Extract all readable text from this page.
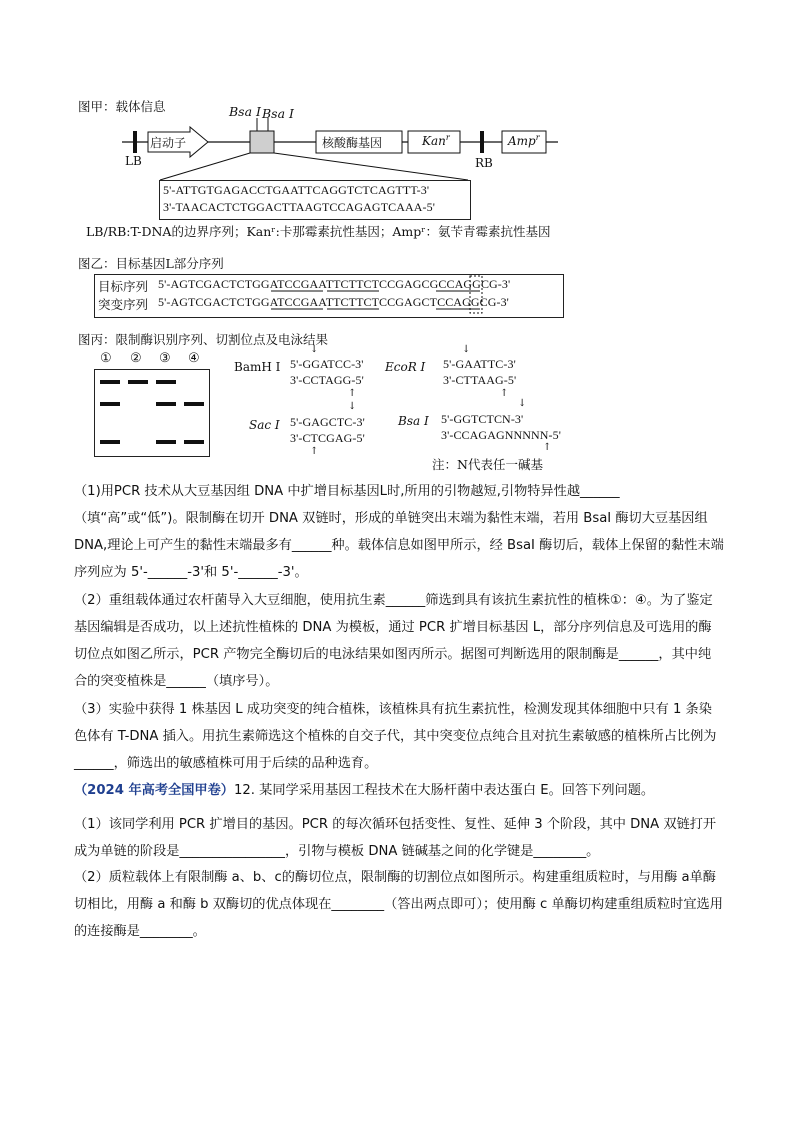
图甲：载体信息	Bsa Ⅰ Bsa Ⅰ
启动子	核酸酶基因	Kan$^r$	Amp$^r$
LB	RB
5'-ATTGTGAGACCTGAATTCAGGTCTCAGTTT-3'
3'-TAACACTCTGGACTTAAGTCCAGAGTCAAA-5'
LB/RB:T-DNA的边界序列；Kanʳ:卡那霉素抗性基因；Ampʳ：氨苄青霉素抗性基因
图乙：目标基因L部分序列
目标序列 5'-AGTCGACTCTGGATCCGAATTCTTCTCCGAGCGCCAGGCG-3'
突变序列 5'-AGTCGACTCTGGATCCGAATTCTTCTCCGAGCTCCAGGCG-3'
图丙：限制酶识别序列、切割位点及电泳结果
① ② ③ ④
BamH Ⅰ
↓
5'-GGATCC-3'
3'-CCTAGG-5'
↑
EcoR Ⅰ
↓
5'-GAATTC-3'
3'-CTTAAG-5'
↑
Sac Ⅰ
↓
5'-GAGCTC-3'
3'-CTCGAG-5'
↑
Bsa Ⅰ
↓
5'-GGTCTCN-3'
3'-CCAGAGNNNNN-5'
↑
注：N代表任一碱基
（1)用PCR 技术从大豆基因组 DNA 中扩增目标基因L时,所用的引物越短,引物特异性越______（填“高”或“低”)。限制酶在切开 DNA 双链时，形成的单链突出末端为黏性末端，若用 BsaI 酶切大豆基因组 DNA,理论上可产生的黏性末端最多有______种。载体信息如图甲所示，经 BsaI 酶切后，载体上保留的黏性末端序列应为 5'-______-3'和 5'-______-3'。
（2）重组载体通过农杆菌导入大豆细胞，使用抗生素______筛选到具有该抗生素抗性的植株①：④。为了鉴定基因编辑是否成功，以上述抗性植株的 DNA 为模板，通过 PCR 扩增目标基因 L，部分序列信息及可选用的酶切位点如图乙所示，PCR 产物完全酶切后的电泳结果如图丙所示。据图可判断选用的限制酶是______，其中纯合的突变植株是______（填序号）。
（3）实验中获得 1 株基因 L 成功突变的纯合植株，该植株具有抗生素抗性，检测发现其体细胞中只有 1 条染色体有 T-DNA 插入。用抗生素筛选这个植株的自交子代，其中突变位点纯合且对抗生素敏感的植株所占比例为______，筛选出的敏感植株可用于后续的品种选育。
（2024 年高考全国甲卷）12. 某同学采用基因工程技术在大肠杆菌中表达蛋白 E。回答下列问题。
（1）该同学利用 PCR 扩增目的基因。PCR 的每次循环包括变性、复性、延伸 3 个阶段，其中 DNA 双链打开成为单链的阶段是________________，引物与模板 DNA 链碱基之间的化学键是________。
（2）质粒载体上有限制酶 a、b、c的酶切位点，限制酶的切割位点如图所示。构建重组质粒时，与用酶 a单酶切相比，用酶 a 和酶 b 双酶切的优点体现在________（答出两点即可）；使用酶 c 单酶切构建重组质粒时宜选用的连接酶是________。
